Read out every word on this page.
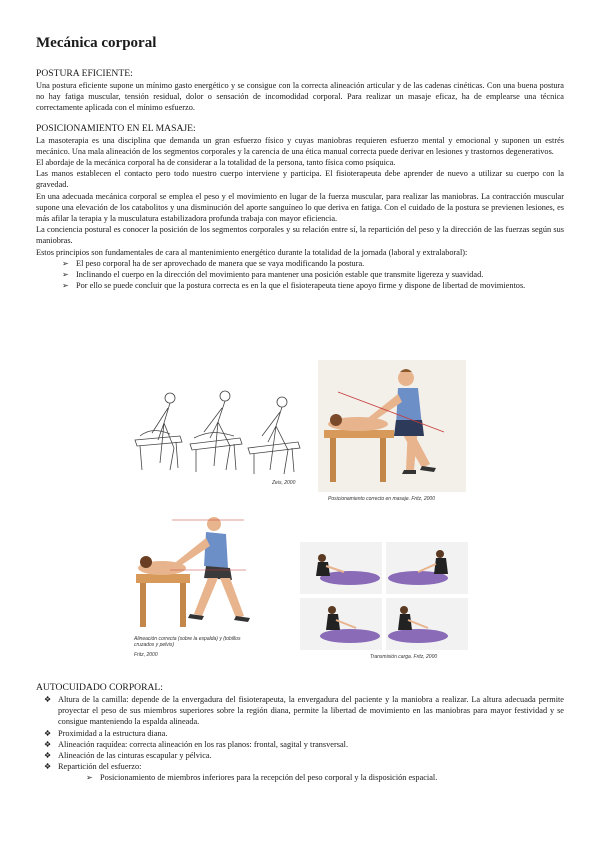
Mecánica corporal
POSTURA EFICIENTE:

Una postura eficiente supone un mínimo gasto energético y se consigue con la correcta alineación articular y de las cadenas cinéticas. Con una buena postura no hay fatiga muscular, tensión residual, dolor o sensación de incomodidad corporal. Para realizar un masaje eficaz, ha de emplearse una técnica correctamente aplicada con el mínimo esfuerzo.

POSICIONAMIENTO EN EL MASAJE:

La masoterapia es una disciplina que demanda un gran esfuerzo físico y cuyas maniobras requieren esfuerzo mental y emocional y suponen un estrés mecánico. Una mala alineación de los segmentos corporales y la carencia de una ética manual correcta puede derivar en lesiones y trastornos degenerativos.

El abordaje de la mecánica corporal ha de considerar a la totalidad de la persona, tanto física como psíquica.

Las manos establecen el contacto pero todo nuestro cuerpo interviene y participa. El fisioterapeuta debe aprender de nuevo a utilizar su cuerpo con la gravedad.

En una adecuada mecánica corporal se emplea el peso y el movimiento en lugar de la fuerza muscular, para realizar las maniobras. La contracción muscular supone una elevación de los catabolitos y una disminución del aporte sanguíneo lo que deriva en fatiga. Con el cuidado de la postura se previenen lesiones, es más afilar la terapia y la musculatura estabilizadora profunda trabaja con mayor eficiencia.

La conciencia postural es conocer la posición de los segmentos corporales y su relación entre sí, la repartición del peso y la dirección de las fuerzas según sus maniobras.

Estos principios son fundamentales de cara al mantenimiento energético durante la totalidad de la jornada (laboral y extralaboral):

➢ El peso corporal ha de ser aprovechado de manera que se vaya modificando la postura.
➢ Inclinando el cuerpo en la dirección del movimiento para mantener una posición estable que transmite ligereza y suavidad.
➢ Por ello se puede concluir que la postura correcta es en la que el fisioterapeuta tiene apoyo firme y dispone de libertad de movimientos.
Zeis, 2000
Posicionamiento correcto en masaje. Fritz, 2000
Alineación correcta (sobre la espalda) y (tobillos
cruzados y pelvis)
Fritz, 2000	Transmisión carga. Fritz, 2000
AUTOCUIDADO CORPORAL:
❖ Altura de la camilla: depende de la envergadura del fisioterapeuta, la envergadura del paciente y la maniobra a realizar. La altura adecuada permite proyectar el peso de sus miembros superiores sobre la región diana, permite la libertad de movimiento en las maniobras para mayor festividad y se consigue manteniendo la espalda alineada.
❖ Proximidad a la estructura diana.
❖ Alineación raquídea: correcta alineación en los ras planos: frontal, sagital y transversal.
❖ Alineación de las cinturas escapular y pélvica.
❖ Repartición del esfuerzo:
➢ Posicionamiento de miembros inferiores para la recepción del peso corporal y la disposición espacial.
